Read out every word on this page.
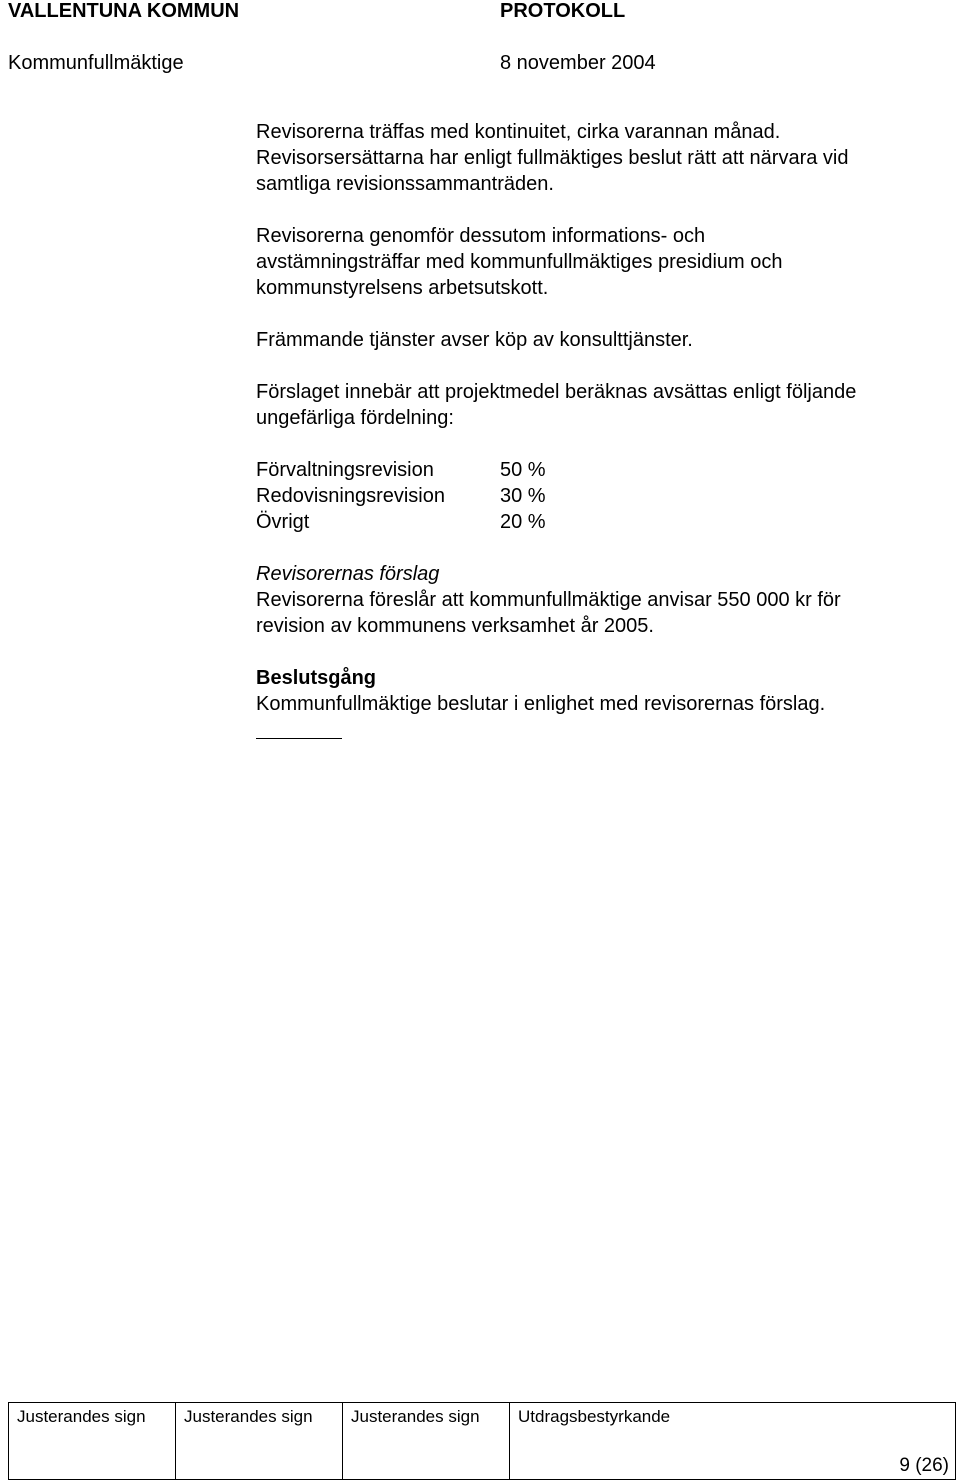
VALLENTUNA KOMMUN	PROTOKOLL
Kommunfullmäktige	8 november 2004

Revisorerna träffas med kontinuitet, cirka varannan månad.

Revisorsersättarna har enligt fullmäktiges beslut rätt att närvara vid

samtliga revisionssammanträden.

Revisorerna genomför dessutom informations- och

avstämningsträffar med kommunfullmäktiges presidium och

kommunstyrelsens arbetsutskott.

Främmande tjänster avser köp av konsulttjänster.

Förslaget innebär att projektmedel beräknas avsättas enligt följande

ungefärliga fördelning:

Förvaltningsrevision	50 %
Redovisningsrevision	30 %
Övrigt	20 %

Revisorernas förslag

Revisorerna föreslår att kommunfullmäktige anvisar 550 000 kr för

revision av kommunens verksamhet år 2005.

Beslutsgång

Kommunfullmäktige beslutar i enlighet med revisorernas förslag.

Justerandes sign	Justerandes sign	Justerandes sign	Utdragsbestyrkande
9 (26)
